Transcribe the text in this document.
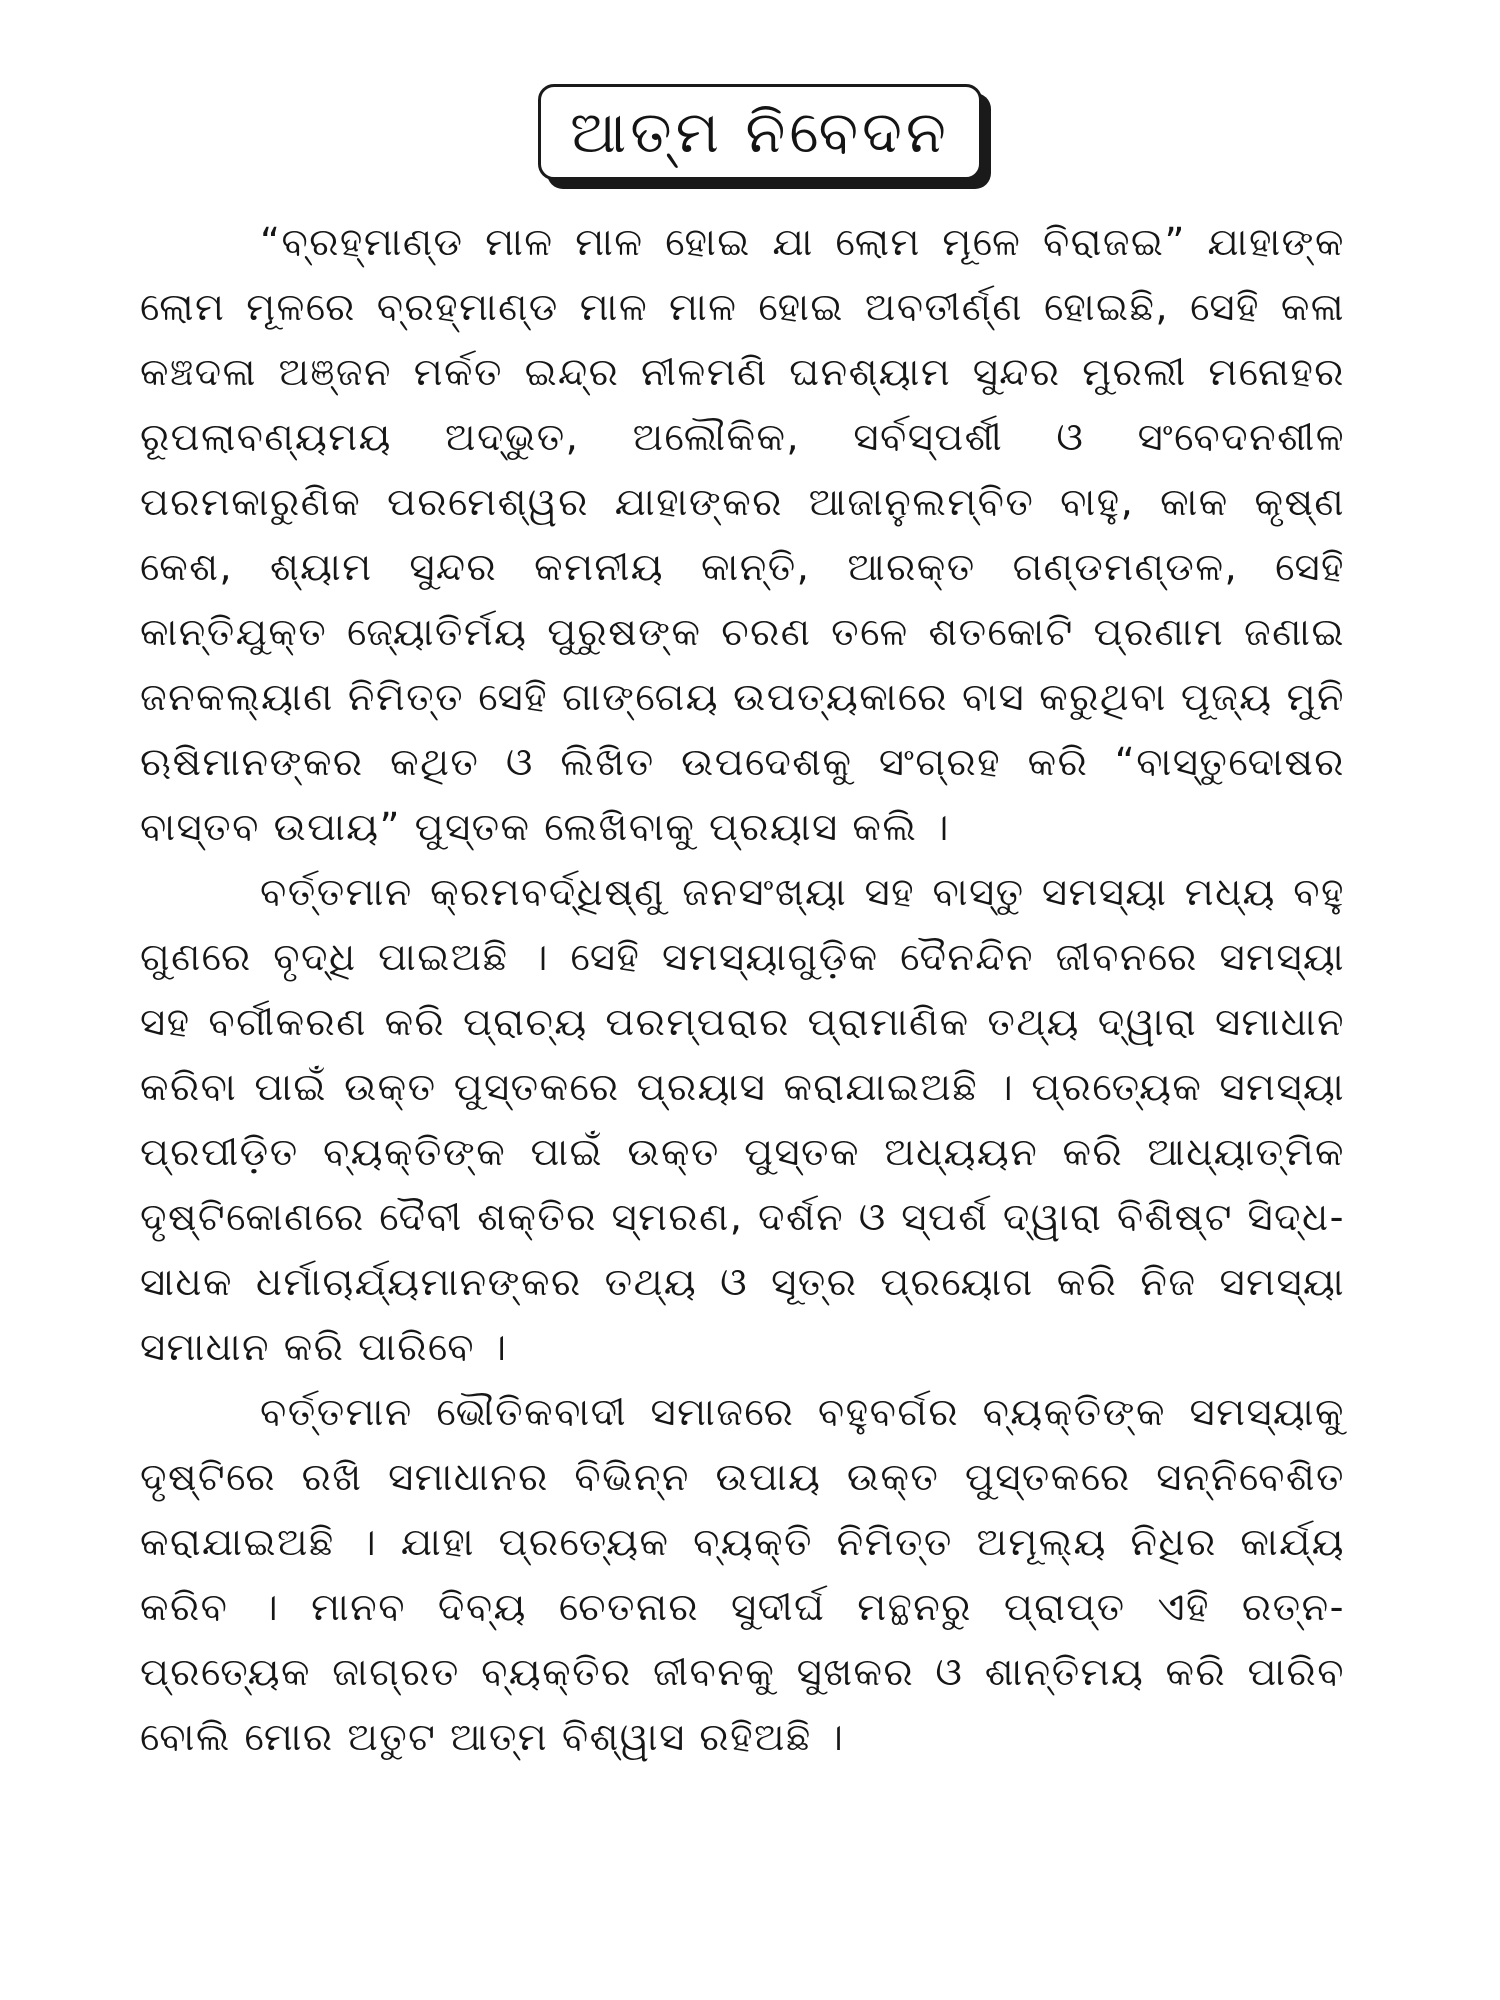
ଆତ୍ମ ନିବେଦନ

“ବ୍ରହ୍ମାଣ୍ଡ ମାଳ ମାଳ ହୋଇ ଯା ଲୋମ ମୂଳେ ବିରାଜଇ” ଯାହାଙ୍କ ଲୋମ ମୂଳରେ ବ୍ରହ୍ମାଣ୍ଡ ମାଳ ମାଳ ହୋଇ ଅବତୀର୍ଣ୍ଣ ହୋଇଛି, ସେହି କଳା କଞ୍ଚଦଳା ଅଞ୍ଜନ ମର୍କତ ଇନ୍ଦ୍ର ନୀଳମଣି ଘନଶ୍ୟାମ ସୁନ୍ଦର ମୁରଲୀ ମନୋହର ରୂପଲାବଣ୍ୟମୟ ଅଦ୍ଭୁତ, ଅଲୌକିକ, ସର୍ବସ୍ପର୍ଶୀ ଓ ସଂବେଦନଶୀଳ ପରମକାରୁଣିକ ପରମେଶ୍ୱର ଯାହାଙ୍କର ଆଜାନୁଲମ୍ବିତ ବାହୁ, କାକ କୃଷ୍ଣ କେଶ, ଶ୍ୟାମ ସୁନ୍ଦର କମନୀୟ କାନ୍ତି, ଆରକ୍ତ ଗଣ୍ଡମଣ୍ଡଳ, ସେହି କାନ୍ତିଯୁକ୍ତ ଜ୍ୟୋତିର୍ମୟ ପୁରୁଷଙ୍କ ଚରଣ ତଳେ ଶତକୋଟି ପ୍ରଣାମ ଜଣାଇ ଜନକଲ୍ୟାଣ ନିମିତ୍ତ ସେହି ଗାଙ୍ଗେୟ ଉପତ୍ୟକାରେ ବାସ କରୁଥିବା ପୂଜ୍ୟ ମୁନି ଋଷିମାନଙ୍କର କଥିତ ଓ ଲିଖିତ ଉପଦେଶକୁ ସଂଗ୍ରହ କରି “ବାସ୍ତୁଦୋଷର ବାସ୍ତବ ଉପାୟ” ପୁସ୍ତକ ଲେଖିବାକୁ ପ୍ରୟାସ କଲି ।

ବର୍ତ୍ତମାନ କ୍ରମବର୍ଦ୍ଧିଷ୍ଣୁ ଜନସଂଖ୍ୟା ସହ ବାସ୍ତୁ ସମସ୍ୟା ମଧ୍ୟ ବହୁ ଗୁଣରେ ବୃଦ୍ଧି ପାଇଅଛି । ସେହି ସମସ୍ୟାଗୁଡ଼ିକ ଦୈନନ୍ଦିନ ଜୀବନରେ ସମସ୍ୟା ସହ ବର୍ଗୀକରଣ କରି ପ୍ରାଚ୍ୟ ପରମ୍ପରାର ପ୍ରାମାଣିକ ତଥ୍ୟ ଦ୍ୱାରା ସମାଧାନ କରିବା ପାଇଁ ଉକ୍ତ ପୁସ୍ତକରେ ପ୍ରୟାସ କରାଯାଇଅଛି । ପ୍ରତ୍ୟେକ ସମସ୍ୟା ପ୍ରପୀଡ଼ିତ ବ୍ୟକ୍ତିଙ୍କ ପାଇଁ ଉକ୍ତ ପୁସ୍ତକ ଅଧ୍ୟୟନ କରି ଆଧ୍ୟାତ୍ମିକ ଦୃଷ୍ଟିକୋଣରେ ଦୈବୀ ଶକ୍ତିର ସ୍ମରଣ, ଦର୍ଶନ ଓ ସ୍ପର୍ଶ ଦ୍ୱାରା ବିଶିଷ୍ଟ ସିଦ୍ଧ-ସାଧକ ଧର୍ମାଚାର୍ଯ୍ୟମାନଙ୍କର ତଥ୍ୟ ଓ ସୂତ୍ର ପ୍ରୟୋଗ କରି ନିଜ ସମସ୍ୟା ସମାଧାନ କରି ପାରିବେ ।

ବର୍ତ୍ତମାନ ଭୌତିକବାଦୀ ସମାଜରେ ବହୁବର୍ଗର ବ୍ୟକ୍ତିଙ୍କ ସମସ୍ୟାକୁ ଦୃଷ୍ଟିରେ ରଖି ସମାଧାନର ବିଭିନ୍ନ ଉପାୟ ଉକ୍ତ ପୁସ୍ତକରେ ସନ୍ନିବେଶିତ କରାଯାଇଅଛି । ଯାହା ପ୍ରତ୍ୟେକ ବ୍ୟକ୍ତି ନିମିତ୍ତ ଅମୂଲ୍ୟ ନିଧିର କାର୍ଯ୍ୟ କରିବ । ମାନବ ଦିବ୍ୟ ଚେତନାର ସୁଦୀର୍ଘ ମନ୍ଥନରୁ ପ୍ରାପ୍ତ ଏହି ରତ୍ନ-ପ୍ରତ୍ୟେକ ଜାଗ୍ରତ ବ୍ୟକ୍ତିର ଜୀବନକୁ ସୁଖକର ଓ ଶାନ୍ତିମୟ କରି ପାରିବ ବୋଲି ମୋର ଅତୁଟ ଆତ୍ମ ବିଶ୍ୱାସ ରହିଅଛି ।
